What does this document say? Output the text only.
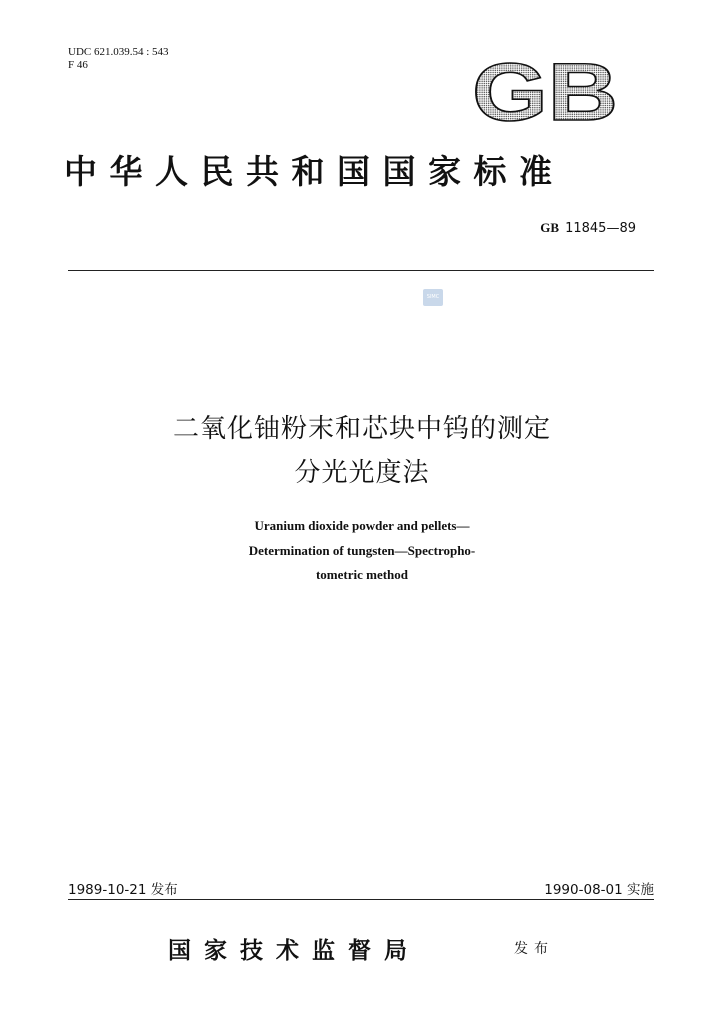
UDC 621.039.54 : 543
F 46	GB
中华人民共和国国家标准
GB 11845—89
SIMC
二氧化铀粉末和芯块中钨的测定
分光光度法
Uranium dioxide powder and pellets—
Determination of tungsten—Spectropho-
tometric method
1989-10-21 发布	1990-08-01 实施
国家技术监督局	发布
